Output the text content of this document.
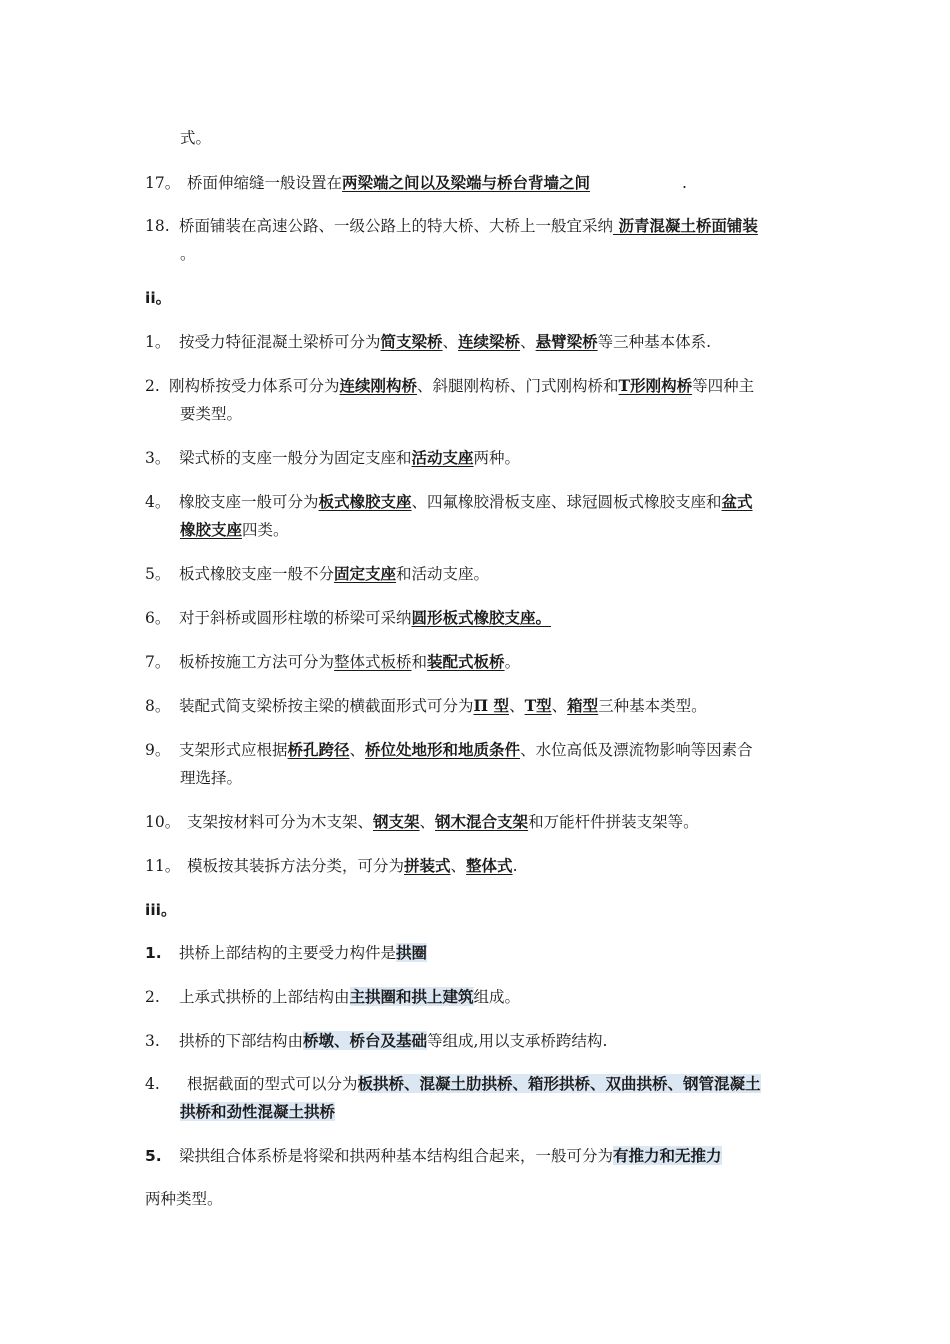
式。
17。 桥面伸缩缝一般设置在两梁端之间以及梁端与桥台背墙之间	.
18. 桥面铺装在高速公路、一级公路上的特大桥、大桥上一般宜采纳 沥青混凝土桥面铺装
。
ii。
1。 按受力特征混凝土梁桥可分为简支梁桥、连续梁桥、悬臂梁桥等三种基本体系.
2. 刚构桥按受力体系可分为连续刚构桥、斜腿刚构桥、门式刚构桥和T形刚构桥等四种主
要类型。
3。 梁式桥的支座一般分为固定支座和活动支座两种。
4。 橡胶支座一般可分为板式橡胶支座、四氟橡胶滑板支座、球冠圆板式橡胶支座和盆式
橡胶支座四类。
5。 板式橡胶支座一般不分固定支座和活动支座。
6。 对于斜桥或圆形柱墩的桥梁可采纳圆形板式橡胶支座。
7。 板桥按施工方法可分为整体式板桥和装配式板桥。
8。 装配式简支梁桥按主梁的横截面形式可分为Π 型、T型、箱型三种基本类型。
9。 支架形式应根据桥孔跨径、桥位处地形和地质条件、水位高低及漂流物影响等因素合
理选择。
10。 支架按材料可分为木支架、钢支架、钢木混合支架和万能杆件拼装支架等。
11。 模板按其装拆方法分类，可分为拼装式、整体式.
iii。
1. 拱桥上部结构的主要受力构件是拱圈
2. 上承式拱桥的上部结构由主拱圈和拱上建筑组成。
3. 拱桥的下部结构由桥墩、桥台及基础等组成,用以支承桥跨结构.
4. 根据截面的型式可以分为板拱桥、混凝土肋拱桥、箱形拱桥、双曲拱桥、钢管混凝土
拱桥和劲性混凝土拱桥
5. 梁拱组合体系桥是将梁和拱两种基本结构组合起来，一般可分为有推力和无推力
两种类型。
